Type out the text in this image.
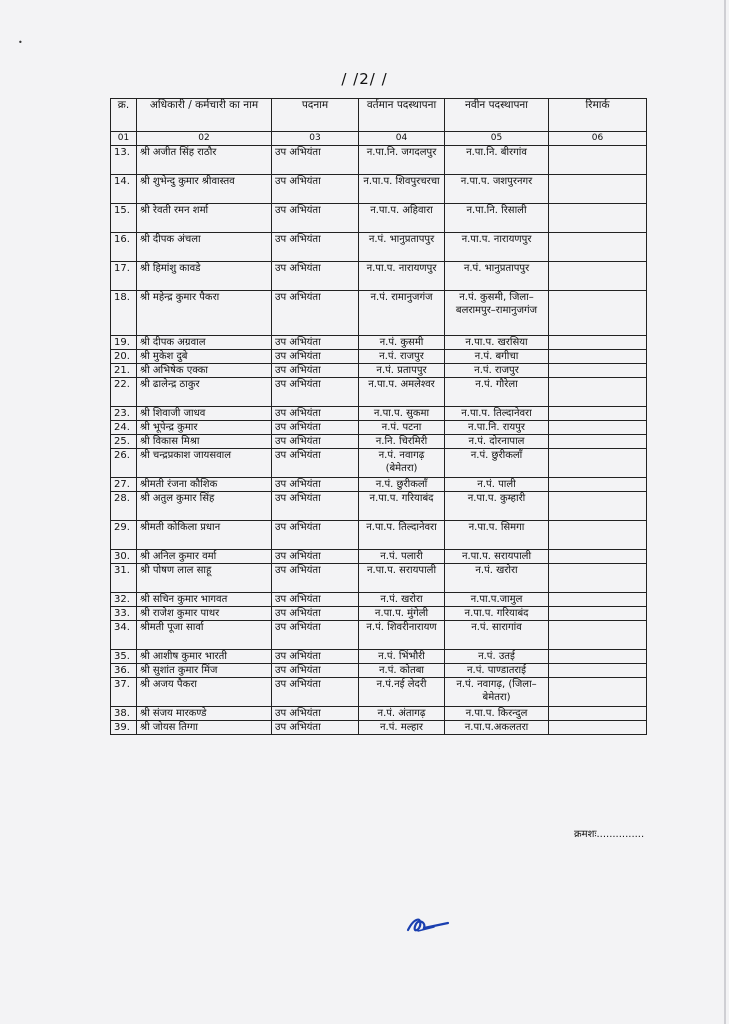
•
/ /2/ /
क्र.	अधिकारी / कर्मचारी का नाम	पदनाम	वर्तमान पदस्थापना	नवीन पदस्थापना	रिमार्क
01	02	03	04	05	06
13.	श्री अजीत सिंह राठौर	उप अभियंता	न.पा.नि. जगदलपुर	न.पा.नि. बीरगांव	
14.	श्री शुभेन्दु कुमार श्रीवास्तव	उप अभियंता	न.पा.प. शिवपुरचरचा	न.पा.प. जशपुरनगर	
15.	श्री रेवती रमन शर्मा	उप अभियंता	न.पा.प. अहिवारा	न.पा.नि. रिसाली	
16.	श्री दीपक अंचला	उप अभियंता	न.पं. भानुप्रतापपुर	न.पा.प. नारायणपुर	
17.	श्री हिमांशु कावडे	उप अभियंता	न.पा.प. नारायणपुर	न.पं. भानुप्रतापपुर	
18.	श्री महेन्द्र कुमार पैकरा	उप अभियंता	न.पं. रामानुजगंज	न.पं. कुसमी, जिला–बलरामपुर–रामानुजगंज	
19.	श्री दीपक अग्रवाल	उप अभियंता	न.पं. कुसमी	न.पा.प. खरसिया	
20.	श्री मुकेश दुबे	उप अभियंता	न.पं. राजपुर	न.पं. बगीचा	
21.	श्री अभिषेक एक्का	उप अभियंता	न.पं. प्रतापपुर	न.पं. राजपुर	
22.	श्री ढालेन्द्र ठाकुर	उप अभियंता	न.पा.प. अमलेश्वर	न.पं. गौरेला	
23.	श्री शिवाजी जाधव	उप अभियंता	न.पा.प. सुकमा	न.पा.प. तिल्दानेवरा	
24.	श्री भूपेन्द्र कुमार	उप अभियंता	न.पं. पटना	न.पा.नि. रायपुर	
25.	श्री विकास मिश्रा	उप अभियंता	न.नि. चिरमिरी	न.पं. दोरनापाल	
26.	श्री चन्द्रप्रकाश जायसवाल	उप अभियंता	न.पं. नवागढ़ (बेमेतरा)	न.पं. छुरीकलाँ	
27.	श्रीमती रंजना कौशिक	उप अभियंता	न.पं. छुरीकलाँ	न.पं. पाली	
28.	श्री अतुल कुमार सिंह	उप अभियंता	न.पा.प. गरियाबंद	न.पा.प. कुम्हारी	
29.	श्रीमती कोकिला प्रधान	उप अभियंता	न.पा.प. तिल्दानेवरा	न.पा.प. सिमगा	
30.	श्री अनिल कुमार वर्मा	उप अभियंता	न.पं. पलारी	न.पा.प. सरायपाली	
31.	श्री पोषण लाल साहू	उप अभियंता	न.पा.प. सरायपाली	न.पं. खरोरा	
32.	श्री सचिन कुमार भागवत	उप अभियंता	न.पं. खरोरा	न.पा.प.जामुल	
33.	श्री राजेश कुमार पाथर	उप अभियंता	न.पा.प. मुंगेली	न.पा.प. गरियाबंद	
34.	श्रीमती पूजा सार्वा	उप अभियंता	न.पं. शिवरीनारायण	न.पं. सारागांव	
35.	श्री आशीष कुमार भारती	उप अभियंता	न.पं. भिंभौरी	न.पं. उतई	
36.	श्री सुशांत कुमार मिंज	उप अभियंता	न.पं. कोतबा	न.पं. पाण्डातराई	
37.	श्री अजय पैकरा	उप अभियंता	न.पं.नई लेदरी	न.पं. नवागढ़, (जिला–बेमेतरा)	
38.	श्री संजय मारकण्डे	उप अभियंता	न.पं. अंतागढ़	न.पा.प. किरन्दुल	
39.	श्री जोयस तिग्गा	उप अभियंता	न.पं. मल्हार	न.पा.प.अकलतरा	
क्रमशः...............
